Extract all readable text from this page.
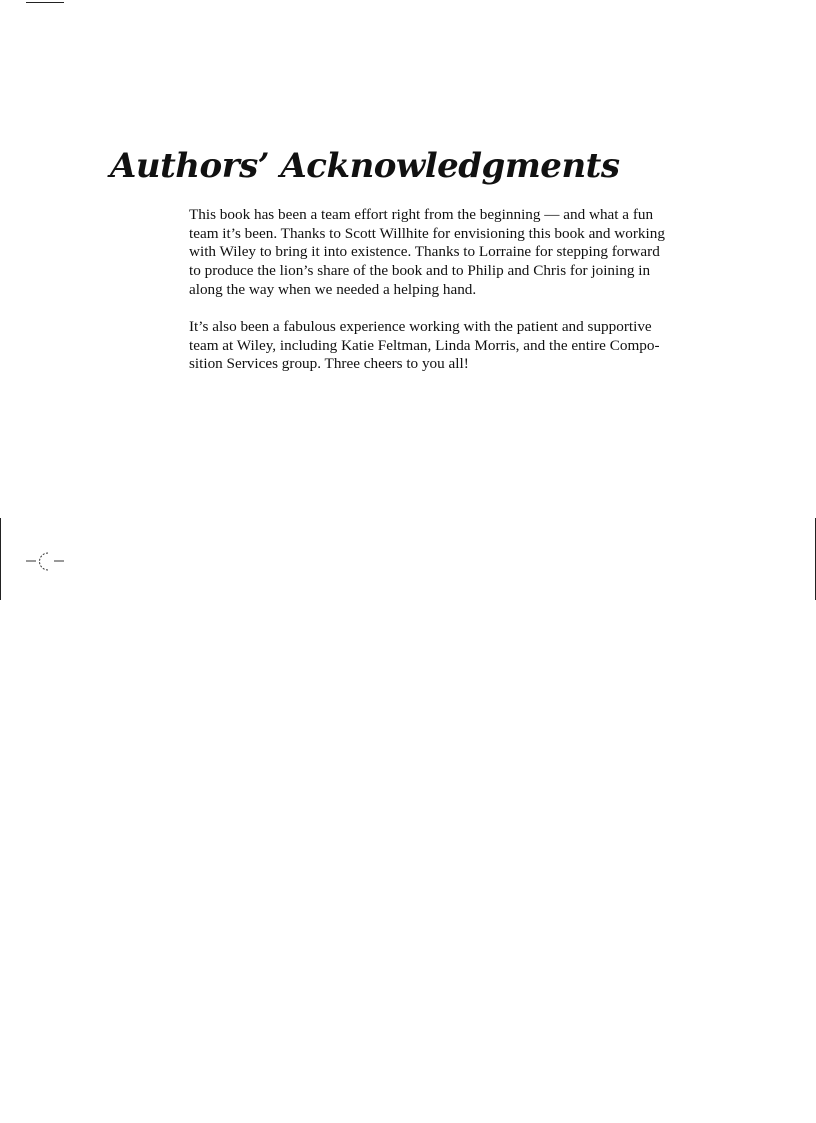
Authors’ Acknowledgments

This book has been a team effort right from the beginning — and what a fun
team it’s been. Thanks to Scott Willhite for envisioning this book and working
with Wiley to bring it into existence. Thanks to Lorraine for stepping forward
to produce the lion’s share of the book and to Philip and Chris for joining in
along the way when we needed a helping hand.

It’s also been a fabulous experience working with the patient and supportive
team at Wiley, including Katie Feltman, Linda Morris, and the entire Compo-
sition Services group. Three cheers to you all!
